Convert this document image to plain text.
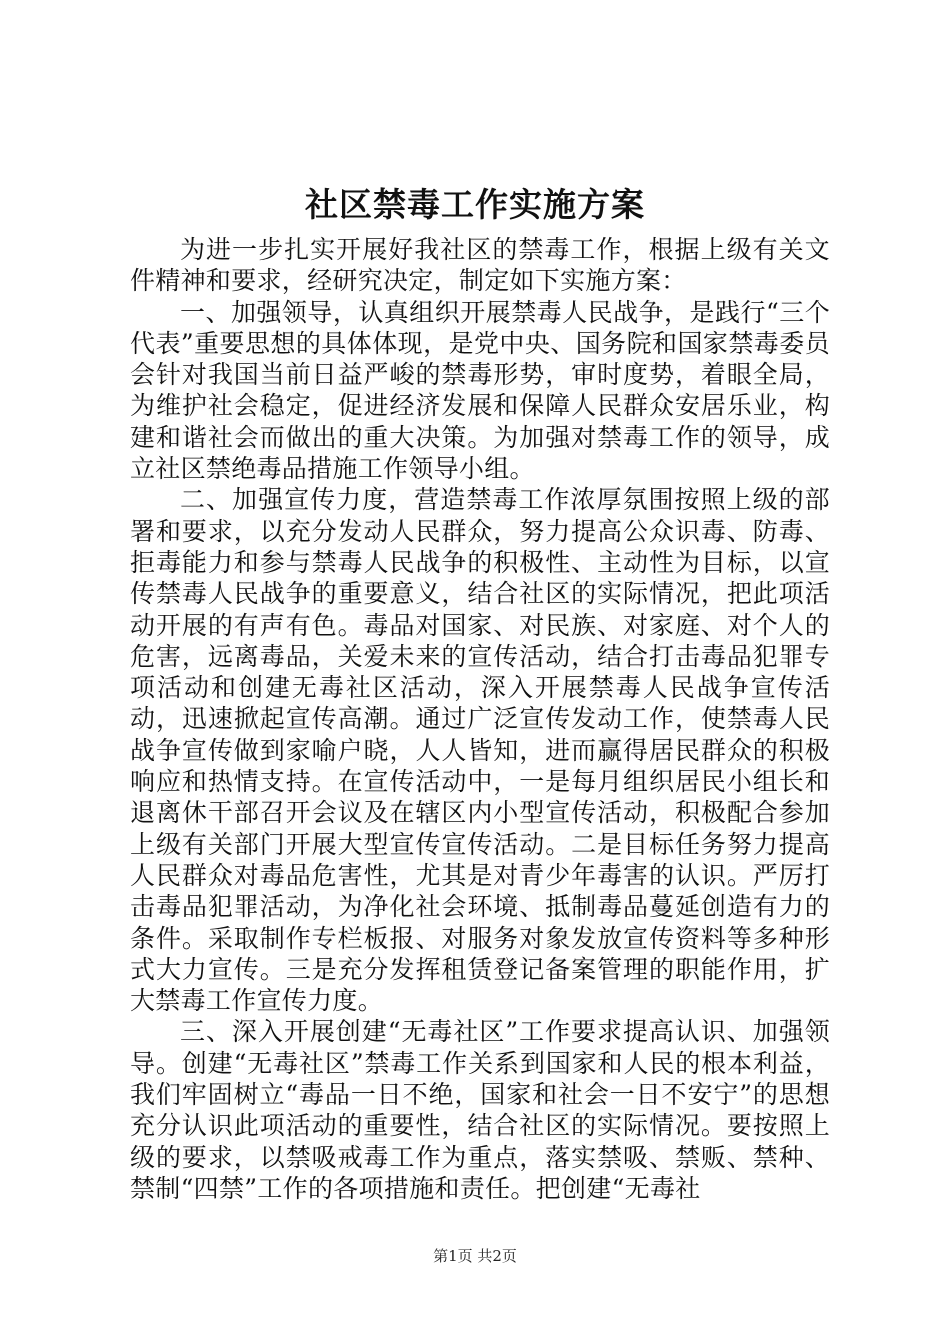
社区禁毒工作实施方案

为进一步扎实开展好我社区的禁毒工作，根据上级有关文件精神和要求，经研究决定，制定如下实施方案：

一、加强领导，认真组织开展禁毒人民战争，是践行“三个代表”重要思想的具体体现，是党中央、国务院和国家禁毒委员会针对我国当前日益严峻的禁毒形势，审时度势，着眼全局，为维护社会稳定，促进经济发展和保障人民群众安居乐业，构建和谐社会而做出的重大决策。为加强对禁毒工作的领导，成立社区禁绝毒品措施工作领导小组。

二、加强宣传力度，营造禁毒工作浓厚氛围按照上级的部署和要求，以充分发动人民群众，努力提高公众识毒、防毒、拒毒能力和参与禁毒人民战争的积极性、主动性为目标，以宣传禁毒人民战争的重要意义，结合社区的实际情况，把此项活动开展的有声有色。毒品对国家、对民族、对家庭、对个人的危害，远离毒品，关爱未来的宣传活动，结合打击毒品犯罪专项活动和创建无毒社区活动，深入开展禁毒人民战争宣传活动，迅速掀起宣传高潮。通过广泛宣传发动工作，使禁毒人民战争宣传做到家喻户晓，人人皆知，进而赢得居民群众的积极响应和热情支持。在宣传活动中，一是每月组织居民小组长和退离休干部召开会议及在辖区内小型宣传活动，积极配合参加上级有关部门开展大型宣传宣传活动。二是目标任务努力提高人民群众对毒品危害性，尤其是对青少年毒害的认识。严厉打击毒品犯罪活动，为净化社会环境、抵制毒品蔓延创造有力的条件。采取制作专栏板报、对服务对象发放宣传资料等多种形式大力宣传。三是充分发挥租赁登记备案管理的职能作用，扩大禁毒工作宣传力度。

三、深入开展创建“无毒社区”工作要求提高认识、加强领导。创建“无毒社区”禁毒工作关系到国家和人民的根本利益，我们牢固树立“毒品一日不绝，国家和社会一日不安宁”的思想充分认识此项活动的重要性，结合社区的实际情况。要按照上级的要求，以禁吸戒毒工作为重点，落实禁吸、禁贩、禁种、禁制“四禁”工作的各项措施和责任。把创建“无毒社

第1页 共2页
